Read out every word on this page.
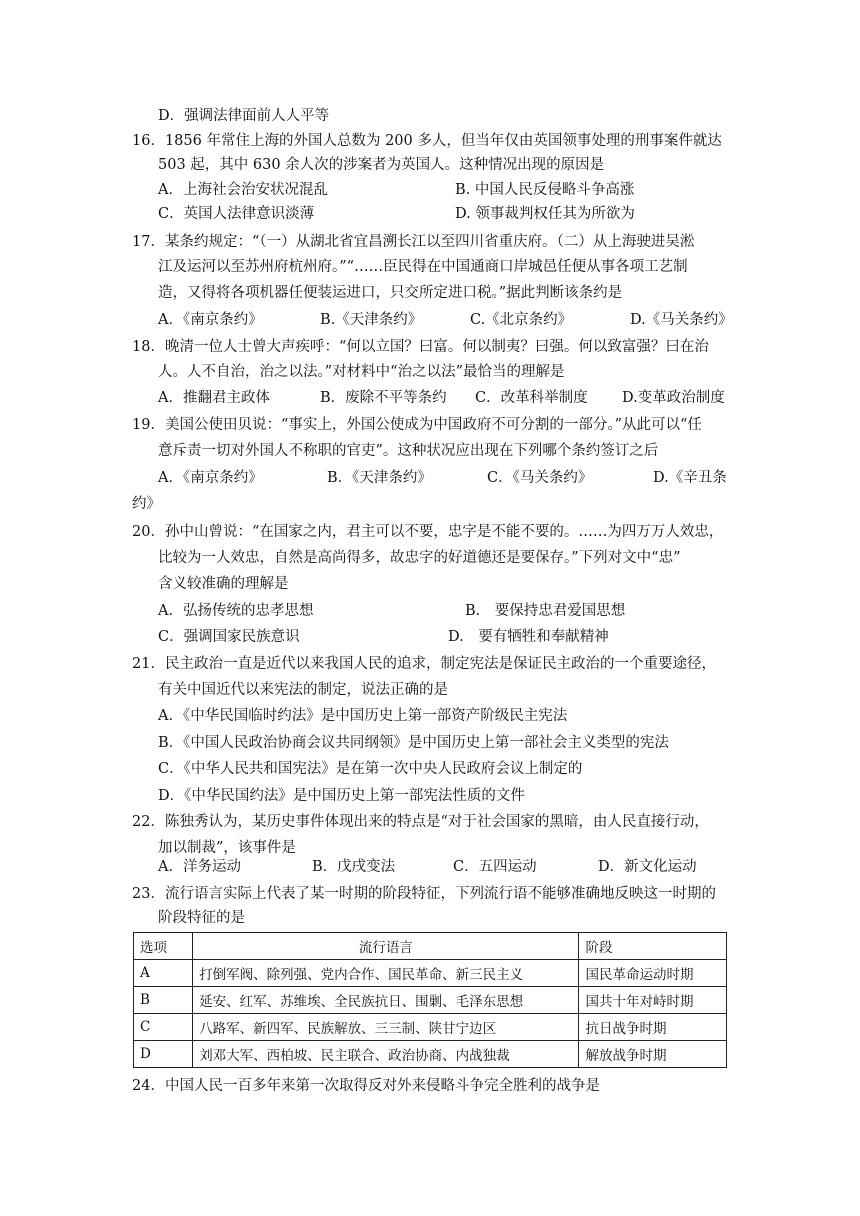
D．强调法律面前人人平等
16．1856 年常住上海的外国人总数为 200 多人，但当年仅由英国领事处理的刑事案件就达
503 起，其中 630 余人次的涉案者为英国人。这种情况出现的原因是
A．上海社会治安状况混乱	B. 中国人民反侵略斗争高涨
C．英国人法律意识淡薄	D. 领事裁判权任其为所欲为
17．某条约规定：“（一）从湖北省宜昌溯长江以至四川省重庆府。（二）从上海驶进吴淞
江及运河以至苏州府杭州府。”“……臣民得在中国通商口岸城邑任便从事各项工艺制
造，又得将各项机器任便装运进口，只交所定进口税。”据此判断该条约是
A．《南京条约》	B.《天津条约》	C.《北京条约》	D.《马关条约》
18．晚清一位人士曾大声疾呼：“何以立国？曰富。何以制夷？曰强。何以致富强？曰在治
人。人不自治，治之以法。”对材料中“治之以法”最恰当的理解是
A．推翻君主政体	B．废除不平等条约 C．改革科举制度 D.变革政治制度
19．美国公使田贝说：“事实上，外国公使成为中国政府不可分割的一部分。”从此可以“任
意斥责一切对外国人不称职的官吏”。这种状况应出现在下列哪个条约签订之后
A．《南京条约》	B．《天津条约》	C．《马关条约》	D.《辛丑条
约》
20．孙中山曾说：“在国家之内，君主可以不要，忠字是不能不要的。……为四万万人效忠，
比较为一人效忠，自然是高尚得多，故忠字的好道德还是要保存。”下列对文中“忠”
含义较准确的理解是
A．弘扬传统的忠孝思想	B.　要保持忠君爱国思想
C．强调国家民族意识	D.　要有牺牲和奉献精神
21．民主政治一直是近代以来我国人民的追求，制定宪法是保证民主政治的一个重要途径，
有关中国近代以来宪法的制定，说法正确的是
A．《中华民国临时约法》是中国历史上第一部资产阶级民主宪法
B．《中国人民政治协商会议共同纲领》是中国历史上第一部社会主义类型的宪法
C．《中华人民共和国宪法》是在第一次中央人民政府会议上制定的
D．《中华民国约法》是中国历史上第一部宪法性质的文件
22．陈独秀认为，某历史事件体现出来的特点是“对于社会国家的黑暗，由人民直接行动，
加以制裁”，该事件是
A．洋务运动	B．戊戌变法	C．五四运动	D．新文化运动
23．流行语言实际上代表了某一时期的阶段特征，下列流行语不能够准确地反映这一时期的
阶段特征的是
选项	流行语言	阶段
A	打倒军阀、除列强、党内合作、国民革命、新三民主义	国民革命运动时期
B	延安、红军、苏维埃、全民族抗日、围剿、毛泽东思想	国共十年对峙时期
C	八路军、新四军、民族解放、三三制、陕甘宁边区	抗日战争时期
D	刘邓大军、西柏坡、民主联合、政治协商、内战独裁	解放战争时期
24．中国人民一百多年来第一次取得反对外来侵略斗争完全胜利的战争是
